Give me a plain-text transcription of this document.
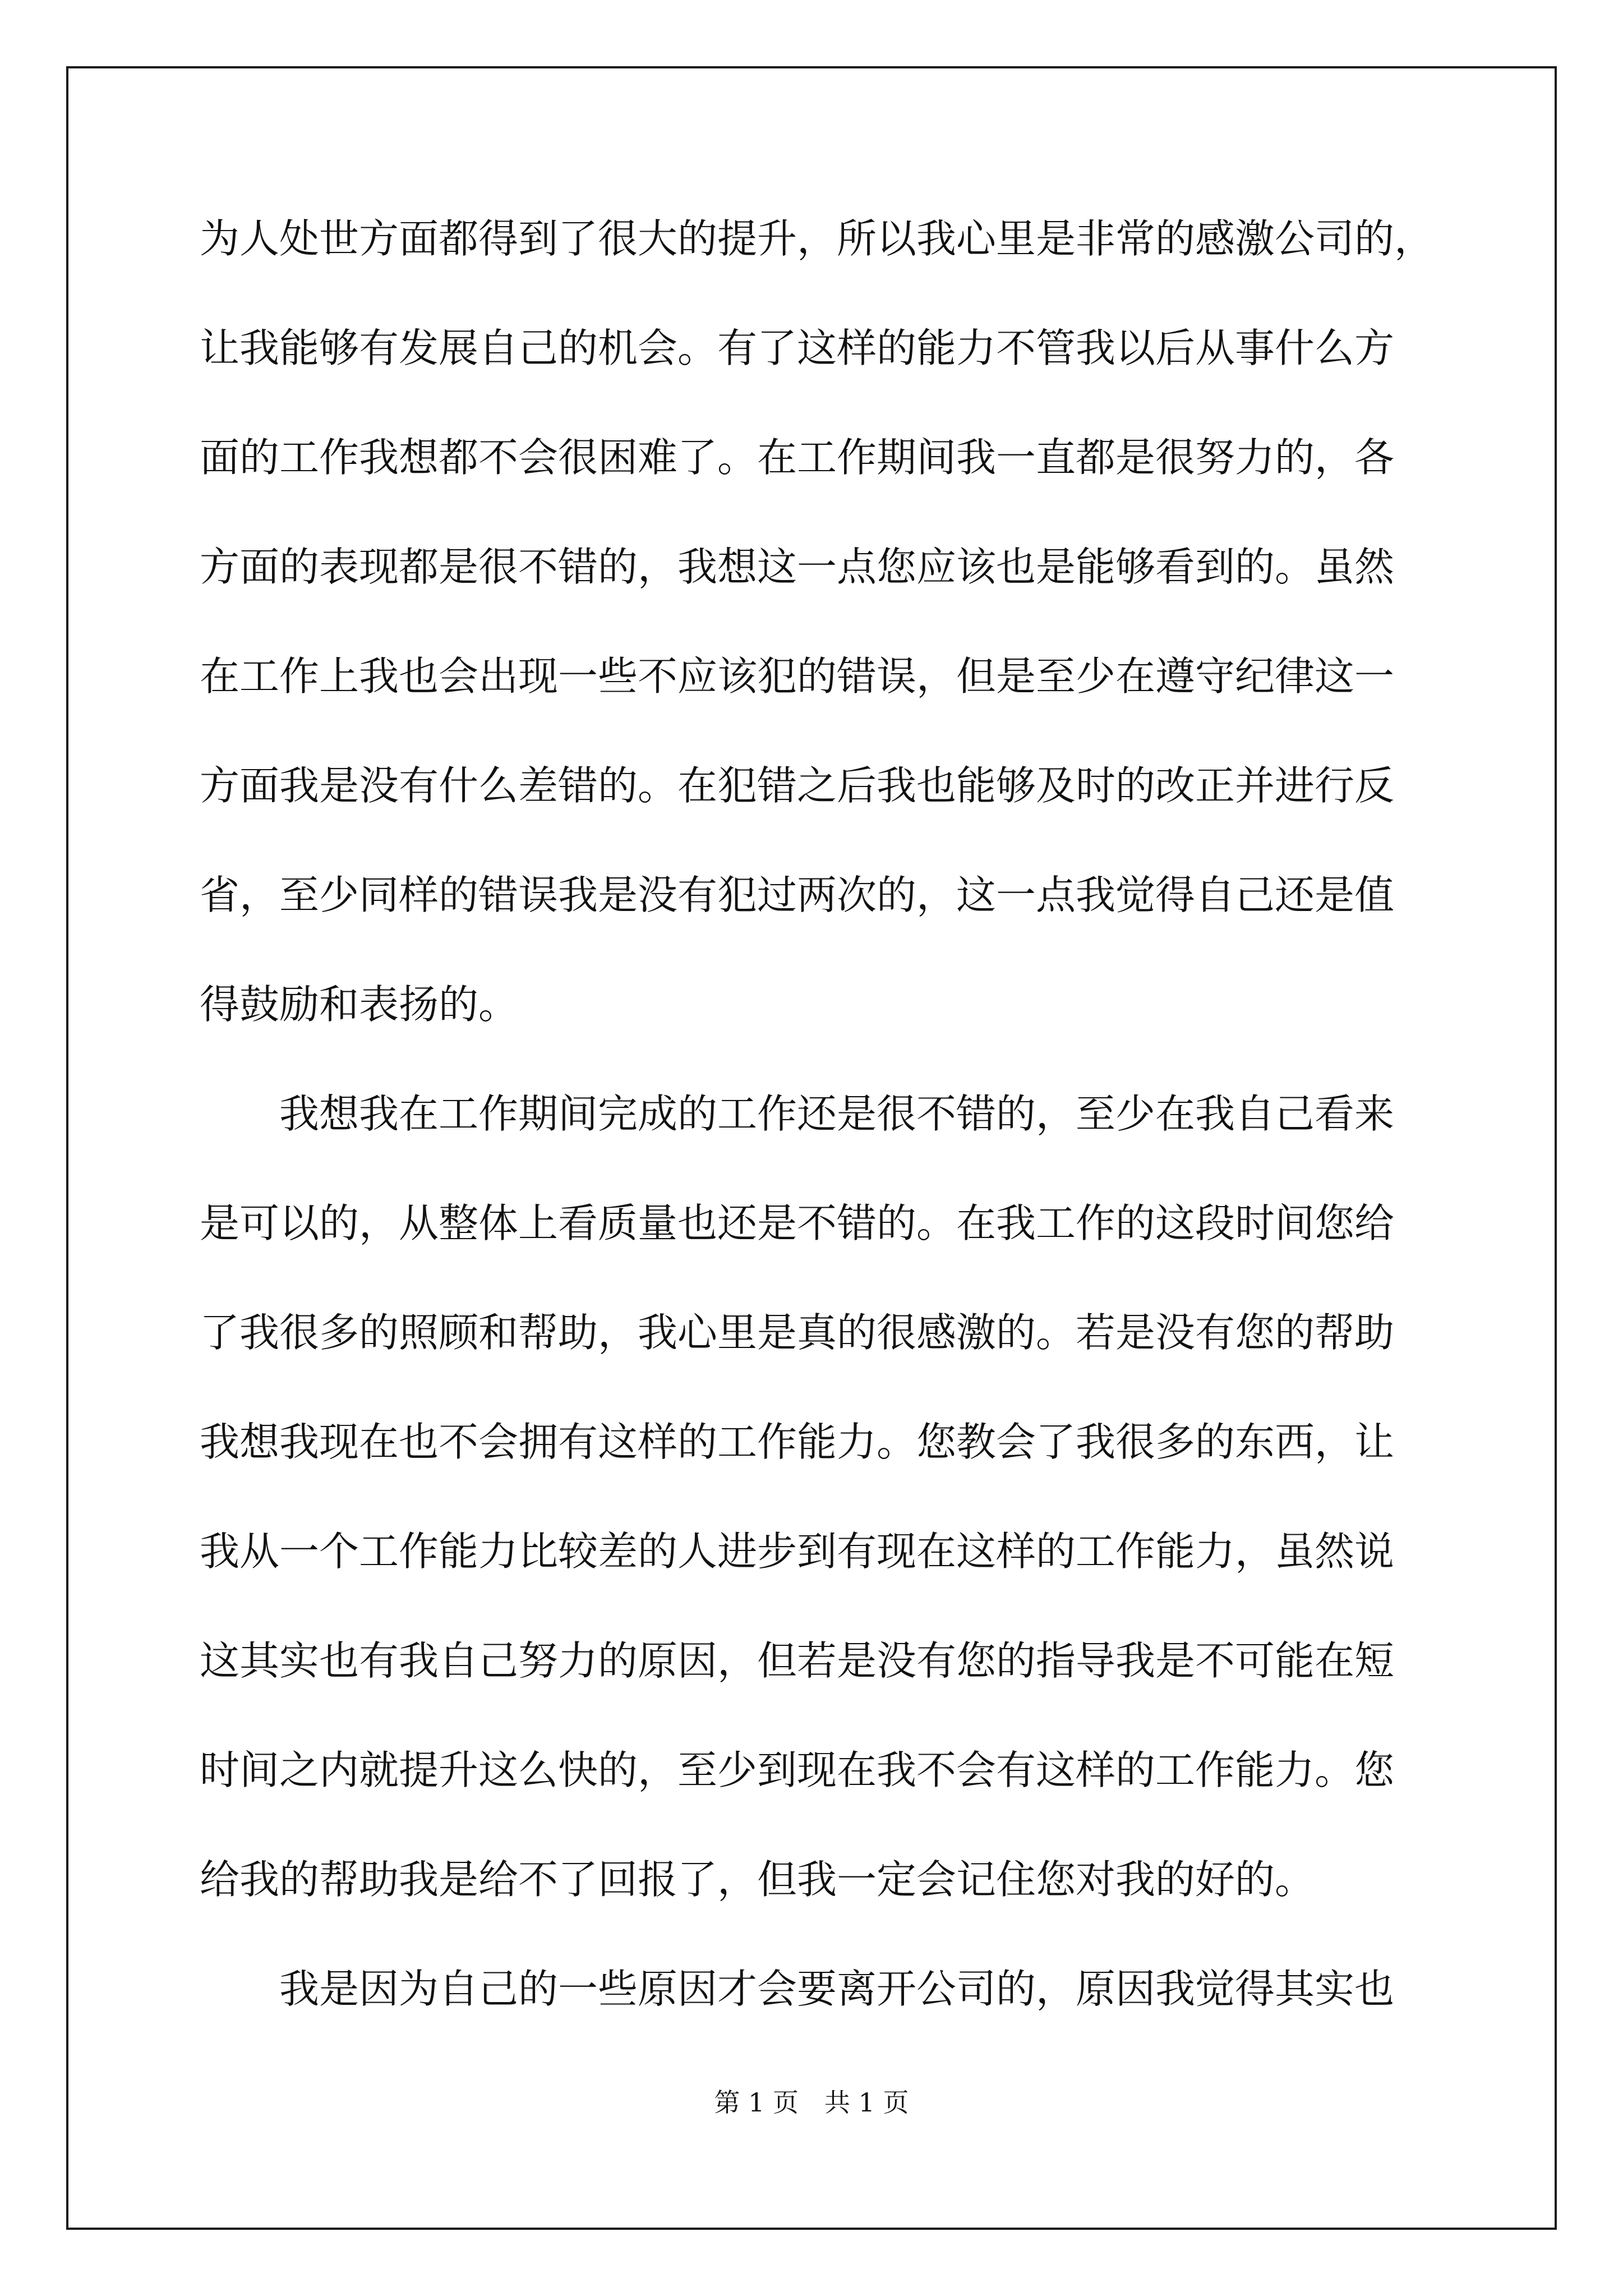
为人处世方面都得到了很大的提升，所以我心里是非常的感激公司的，
让我能够有发展自己的机会。有了这样的能力不管我以后从事什么方
面的工作我想都不会很困难了。在工作期间我一直都是很努力的，各
方面的表现都是很不错的，我想这一点您应该也是能够看到的。虽然
在工作上我也会出现一些不应该犯的错误，但是至少在遵守纪律这一
方面我是没有什么差错的。在犯错之后我也能够及时的改正并进行反
省，至少同样的错误我是没有犯过两次的，这一点我觉得自己还是值
得鼓励和表扬的。
　　我想我在工作期间完成的工作还是很不错的，至少在我自己看来
是可以的，从整体上看质量也还是不错的。在我工作的这段时间您给
了我很多的照顾和帮助，我心里是真的很感激的。若是没有您的帮助
我想我现在也不会拥有这样的工作能力。您教会了我很多的东西，让
我从一个工作能力比较差的人进步到有现在这样的工作能力，虽然说
这其实也有我自己努力的原因，但若是没有您的指导我是不可能在短
时间之内就提升这么快的，至少到现在我不会有这样的工作能力。您
给我的帮助我是给不了回报了，但我一定会记住您对我的好的。
　　我是因为自己的一些原因才会要离开公司的，原因我觉得其实也
第 1 页　共 1 页
